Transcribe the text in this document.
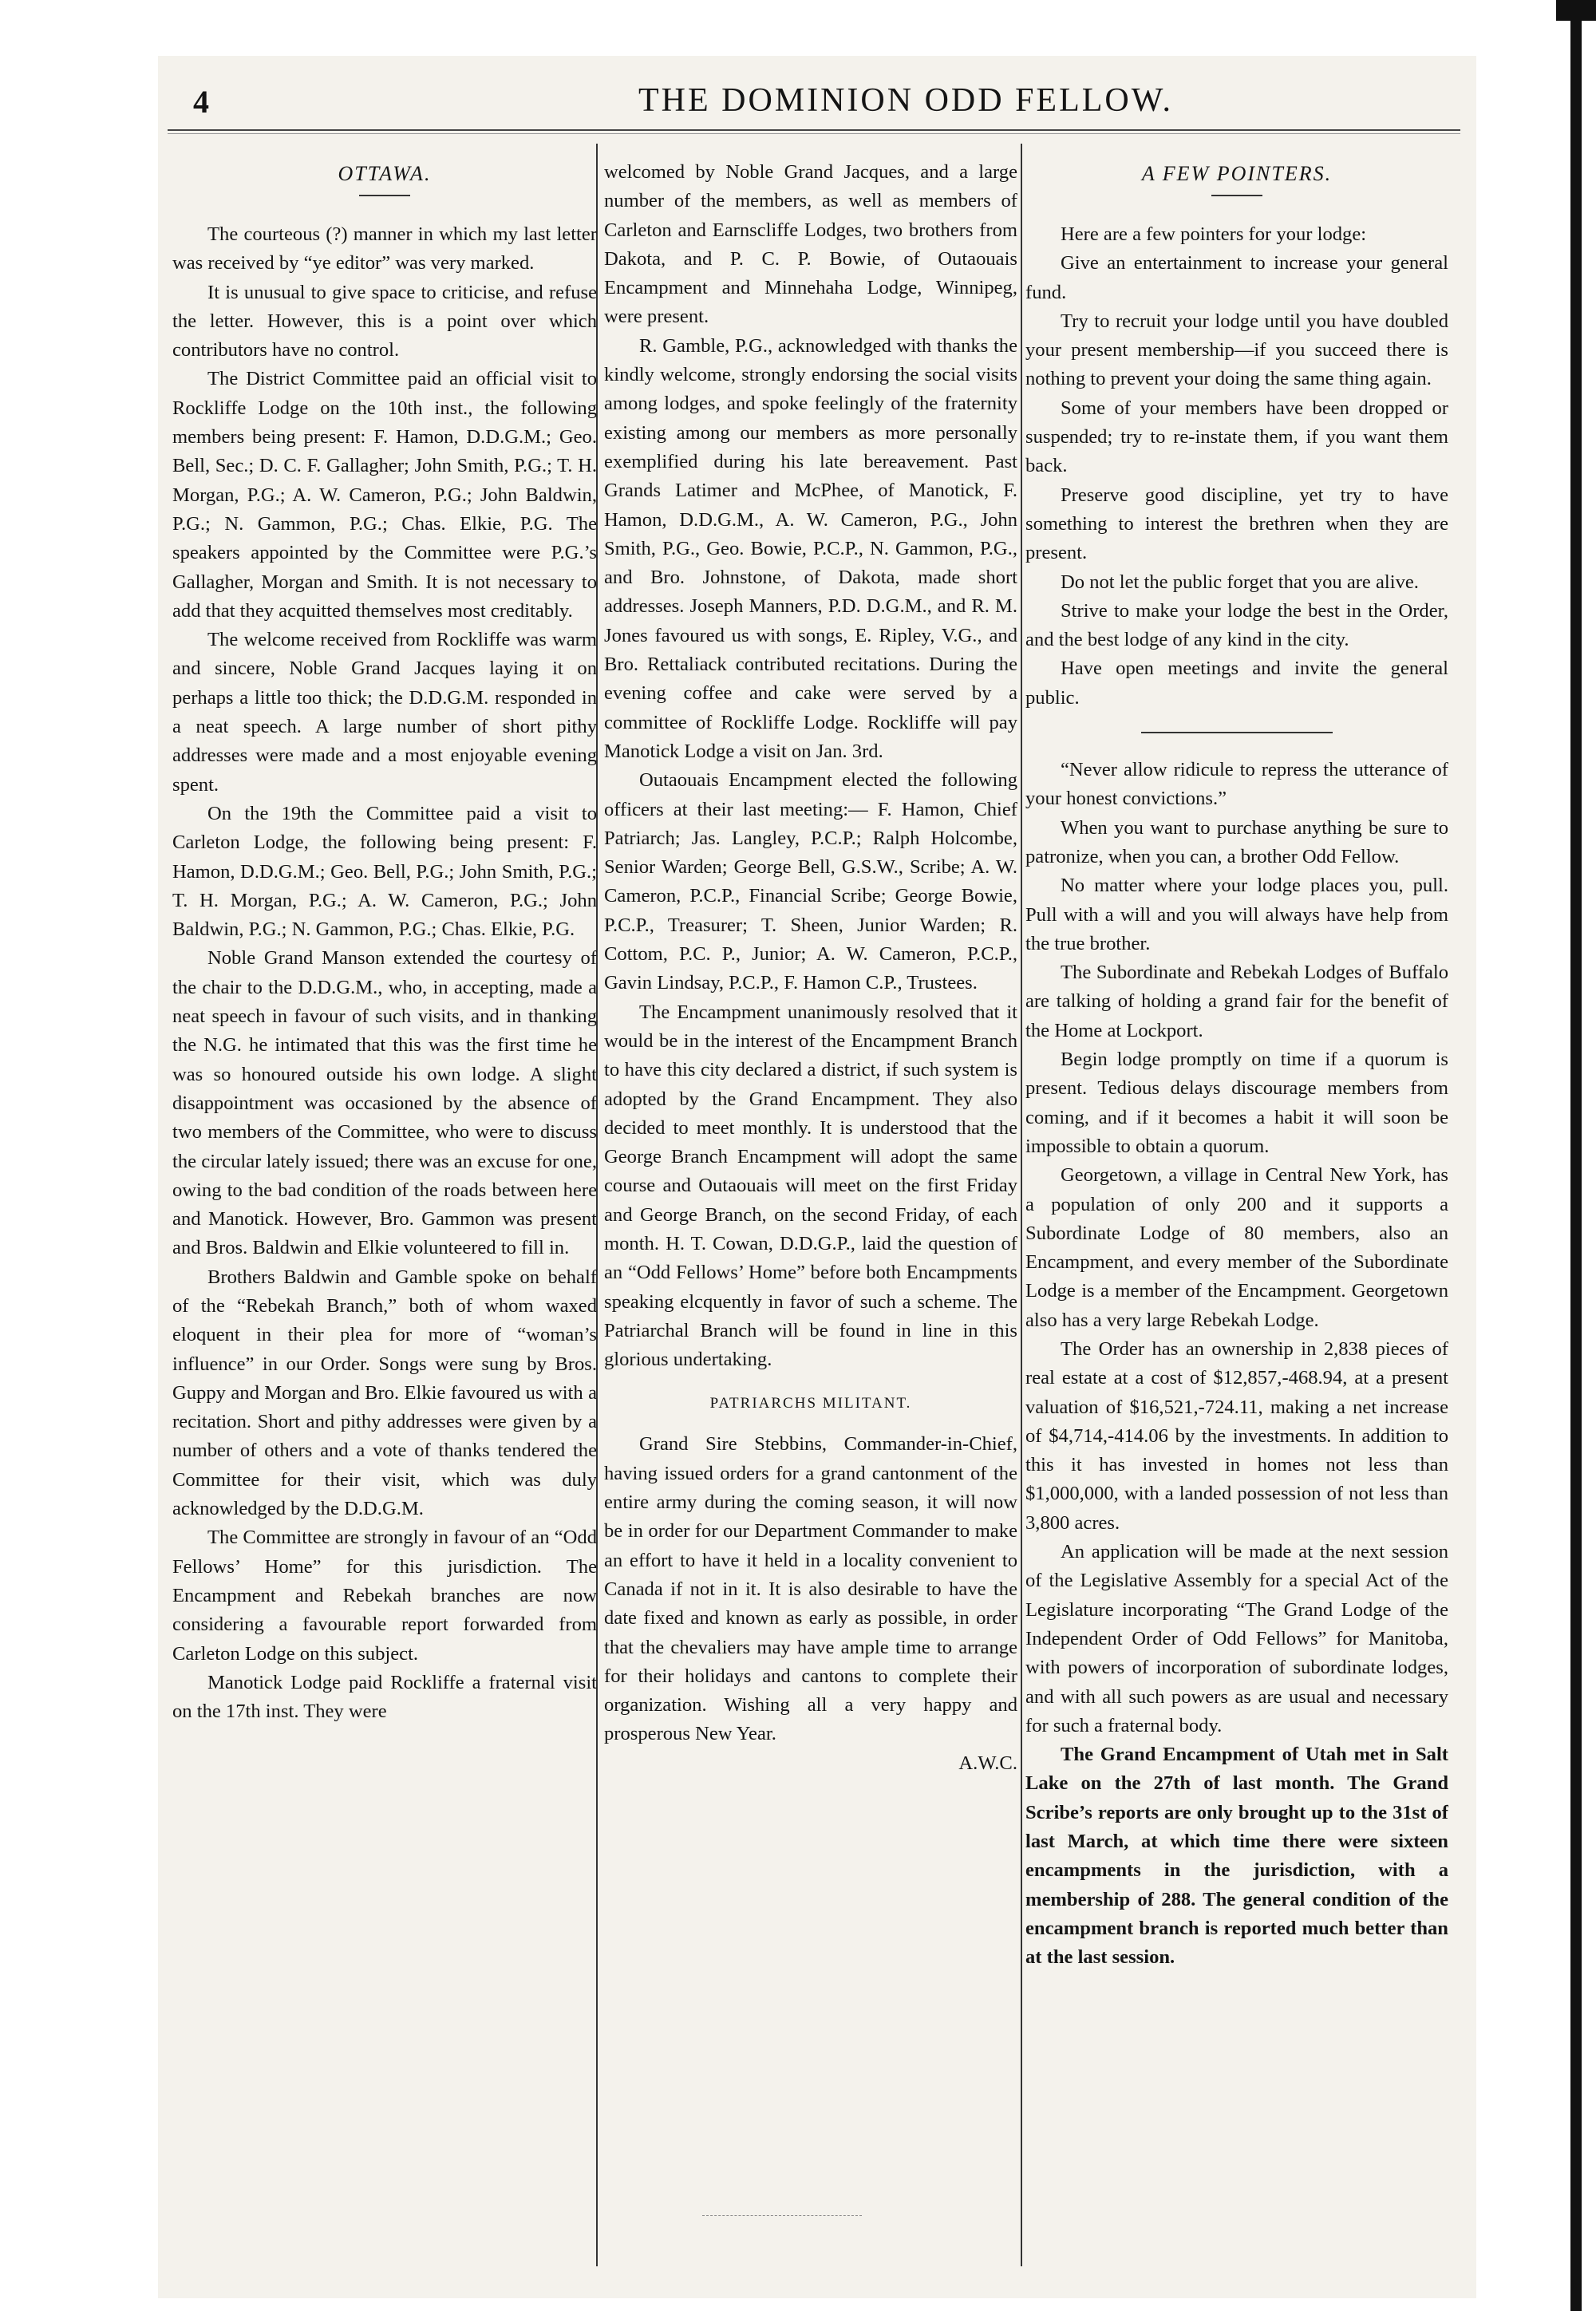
4	THE DOMINION ODD FELLOW.
OTTAWA.

The courteous (?) manner in which my last letter was received by “ye editor” was very marked.

It is unusual to give space to criticise, and refuse the letter. However, this is a point over which contributors have no control.

The District Committee paid an official visit to Rockliffe Lodge on the 10th inst., the following members being present: F. Hamon, D.D.G.M.; Geo. Bell, Sec.; D. C. F. Gallagher; John Smith, P.G.; T. H. Morgan, P.G.; A. W. Cameron, P.G.; John Baldwin, P.G.; N. Gammon, P.G.; Chas. Elkie, P.G. The speakers appointed by the Committee were P.G.’s Gallagher, Morgan and Smith. It is not necessary to add that they acquitted themselves most creditably.

The welcome received from Rockliffe was warm and sincere, Noble Grand Jacques laying it on perhaps a little too thick; the D.D.G.M. responded in a neat speech. A large number of short pithy addresses were made and a most enjoyable evening spent.

On the 19th the Committee paid a visit to Carleton Lodge, the following being present: F. Hamon, D.D.G.M.; Geo. Bell, P.G.; John Smith, P.G.; T. H. Morgan, P.G.; A. W. Cameron, P.G.; John Baldwin, P.G.; N. Gammon, P.G.; Chas. Elkie, P.G.

Noble Grand Manson extended the courtesy of the chair to the D.D.G.M., who, in accepting, made a neat speech in favour of such visits, and in thanking the N.G. he intimated that this was the first time he was so honoured outside his own lodge. A slight disappointment was occasioned by the absence of two members of the Committee, who were to discuss the circular lately issued; there was an excuse for one, owing to the bad condition of the roads between here and Manotick. However, Bro. Gammon was present and Bros. Baldwin and Elkie volunteered to fill in.

Brothers Baldwin and Gamble spoke on behalf of the “Rebekah Branch,” both of whom waxed eloquent in their plea for more of “woman’s influence” in our Order. Songs were sung by Bros. Guppy and Morgan and Bro. Elkie favoured us with a recitation. Short and pithy addresses were given by a number of others and a vote of thanks tendered the Committee for their visit, which was duly acknowledged by the D.D.G.M.

The Committee are strongly in favour of an “Odd Fellows’ Home” for this jurisdiction. The Encampment and Rebekah branches are now considering a favourable report forwarded from Carleton Lodge on this subject.

Manotick Lodge paid Rockliffe a fraternal visit on the 17th inst. They were

welcomed by Noble Grand Jacques, and a large number of the members, as well as members of Carleton and Earnscliffe Lodges, two brothers from Dakota, and P. C. P. Bowie, of Outaouais Encampment and Minnehaha Lodge, Winnipeg, were present.

R. Gamble, P.G., acknowledged with thanks the kindly welcome, strongly endorsing the social visits among lodges, and spoke feelingly of the fraternity existing among our members as more personally exemplified during his late bereavement. Past Grands Latimer and McPhee, of Manotick, F. Hamon, D.D.G.M., A. W. Cameron, P.G., John Smith, P.G., Geo. Bowie, P.C.P., N. Gammon, P.G., and Bro. Johnstone, of Dakota, made short addresses. Joseph Manners, P.D. D.G.M., and R. M. Jones favoured us with songs, E. Ripley, V.G., and Bro. Rettaliack contributed recitations. During the evening coffee and cake were served by a committee of Rockliffe Lodge. Rockliffe will pay Manotick Lodge a visit on Jan. 3rd.

Outaouais Encampment elected the following officers at their last meeting:— F. Hamon, Chief Patriarch; Jas. Langley, P.C.P.; Ralph Holcombe, Senior Warden; George Bell, G.S.W., Scribe; A. W. Cameron, P.C.P., Financial Scribe; George Bowie, P.C.P., Treasurer; T. Sheen, Junior Warden; R. Cottom, P.C. P., Junior; A. W. Cameron, P.C.P., Gavin Lindsay, P.C.P., F. Hamon C.P., Trustees.

The Encampment unanimously resolved that it would be in the interest of the Encampment Branch to have this city declared a district, if such system is adopted by the Grand Encampment. They also decided to meet monthly. It is understood that the George Branch Encampment will adopt the same course and Outaouais will meet on the first Friday and George Branch, on the second Friday, of each month. H. T. Cowan, D.D.G.P., laid the question of an “Odd Fellows’ Home” before both Encampments speaking elcquently in favor of such a scheme. The Patriarchal Branch will be found in line in this glorious undertaking.

PATRIARCHS MILITANT.

Grand Sire Stebbins, Commander-in-Chief, having issued orders for a grand cantonment of the entire army during the coming season, it will now be in order for our Department Commander to make an effort to have it held in a locality convenient to Canada if not in it. It is also desirable to have the date fixed and known as early as possible, in order that the chevaliers may have ample time to arrange for their holidays and cantons to complete their organization. Wishing all a very happy and prosperous New Year.

A.W.C.

A FEW POINTERS.

Here are a few pointers for your lodge:

Give an entertainment to increase your general fund.

Try to recruit your lodge until you have doubled your present membership—if you succeed there is nothing to prevent your doing the same thing again.

Some of your members have been dropped or suspended; try to re-instate them, if you want them back.

Preserve good discipline, yet try to have something to interest the brethren when they are present.

Do not let the public forget that you are alive.

Strive to make your lodge the best in the Order, and the best lodge of any kind in the city.

Have open meetings and invite the general public.

“Never allow ridicule to repress the utterance of your honest convictions.”

When you want to purchase anything be sure to patronize, when you can, a brother Odd Fellow.

No matter where your lodge places you, pull. Pull with a will and you will always have help from the true brother.

The Subordinate and Rebekah Lodges of Buffalo are talking of holding a grand fair for the benefit of the Home at Lockport.

Begin lodge promptly on time if a quorum is present. Tedious delays discourage members from coming, and if it becomes a habit it will soon be impossible to obtain a quorum.

Georgetown, a village in Central New York, has a population of only 200 and it supports a Subordinate Lodge of 80 members, also an Encampment, and every member of the Subordinate Lodge is a member of the Encampment. Georgetown also has a very large Rebekah Lodge.

The Order has an ownership in 2,838 pieces of real estate at a cost of $12,857,-468.94, at a present valuation of $16,521,-724.11, making a net increase of $4,714,-414.06 by the investments. In addition to this it has invested in homes not less than $1,000,000, with a landed possession of not less than 3,800 acres.

An application will be made at the next session of the Legislative Assembly for a special Act of the Legislature incorporating “The Grand Lodge of the Independent Order of Odd Fellows” for Manitoba, with powers of incorporation of subordinate lodges, and with all such powers as are usual and necessary for such a fraternal body.

The Grand Encampment of Utah met in Salt Lake on the 27th of last month. The Grand Scribe’s reports are only brought up to the 31st of last March, at which time there were sixteen encampments in the jurisdiction, with a membership of 288. The general condition of the encampment branch is reported much better than at the last session.
